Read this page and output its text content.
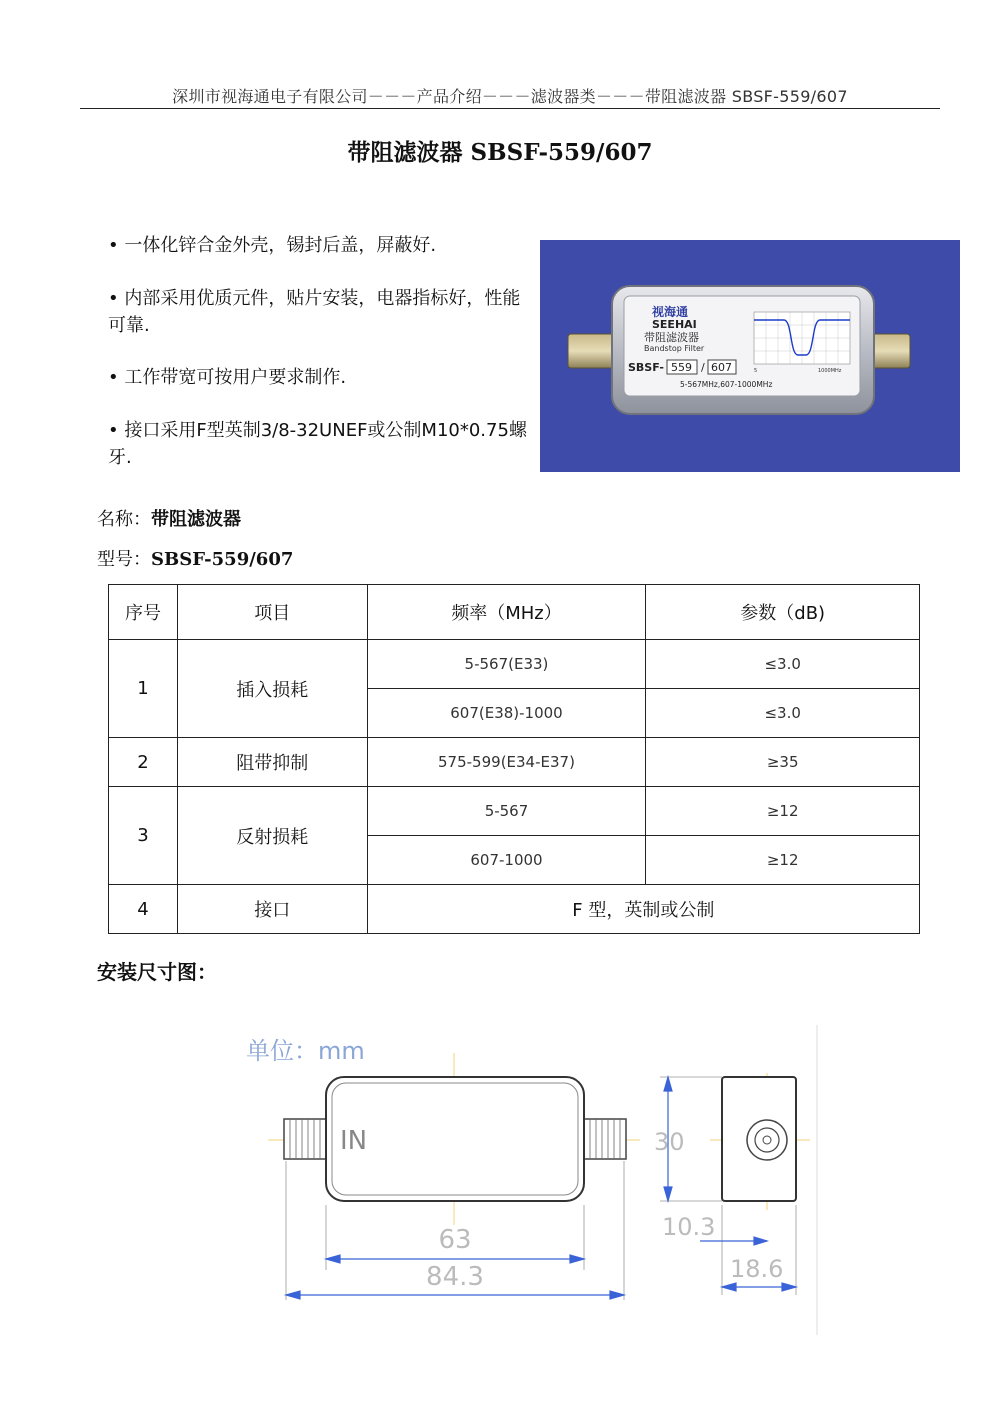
深圳市视海通电子有限公司－－－产品介绍－－－滤波器类－－－带阻滤波器 SBSF-559/607
带阻滤波器 SBSF-559/607
• 一体化锌合金外壳，锡封后盖，屏蔽好.
• 内部采用优质元件，贴片安装，电器指标好，性能可靠.
• 工作带宽可按用户要求制作.
• 接口采用F型英制3/8-32UNEF或公制M10*0.75螺牙.
视海通
SEEHAI
带阻滤波器
Bandstop Filter
SBSF- 559 / 607
5-567MHz,607-1000MHz
5	1000MHz
名称：带阻滤波器
型号：SBSF-559/607
序号	项目	频率（MHz）	参数（dB)
1	插入损耗	5-567(E33)	≤3.0
		607(E38)-1000	≤3.0
2	阻带抑制	575-599(E34-E37)	≥35
3	反射损耗	5-567	≥12
		607-1000	≥12
4	接口	F 型，英制或公制	
安装尺寸图：
单位：mm
IN
63
84.3
30
10.3
18.6
